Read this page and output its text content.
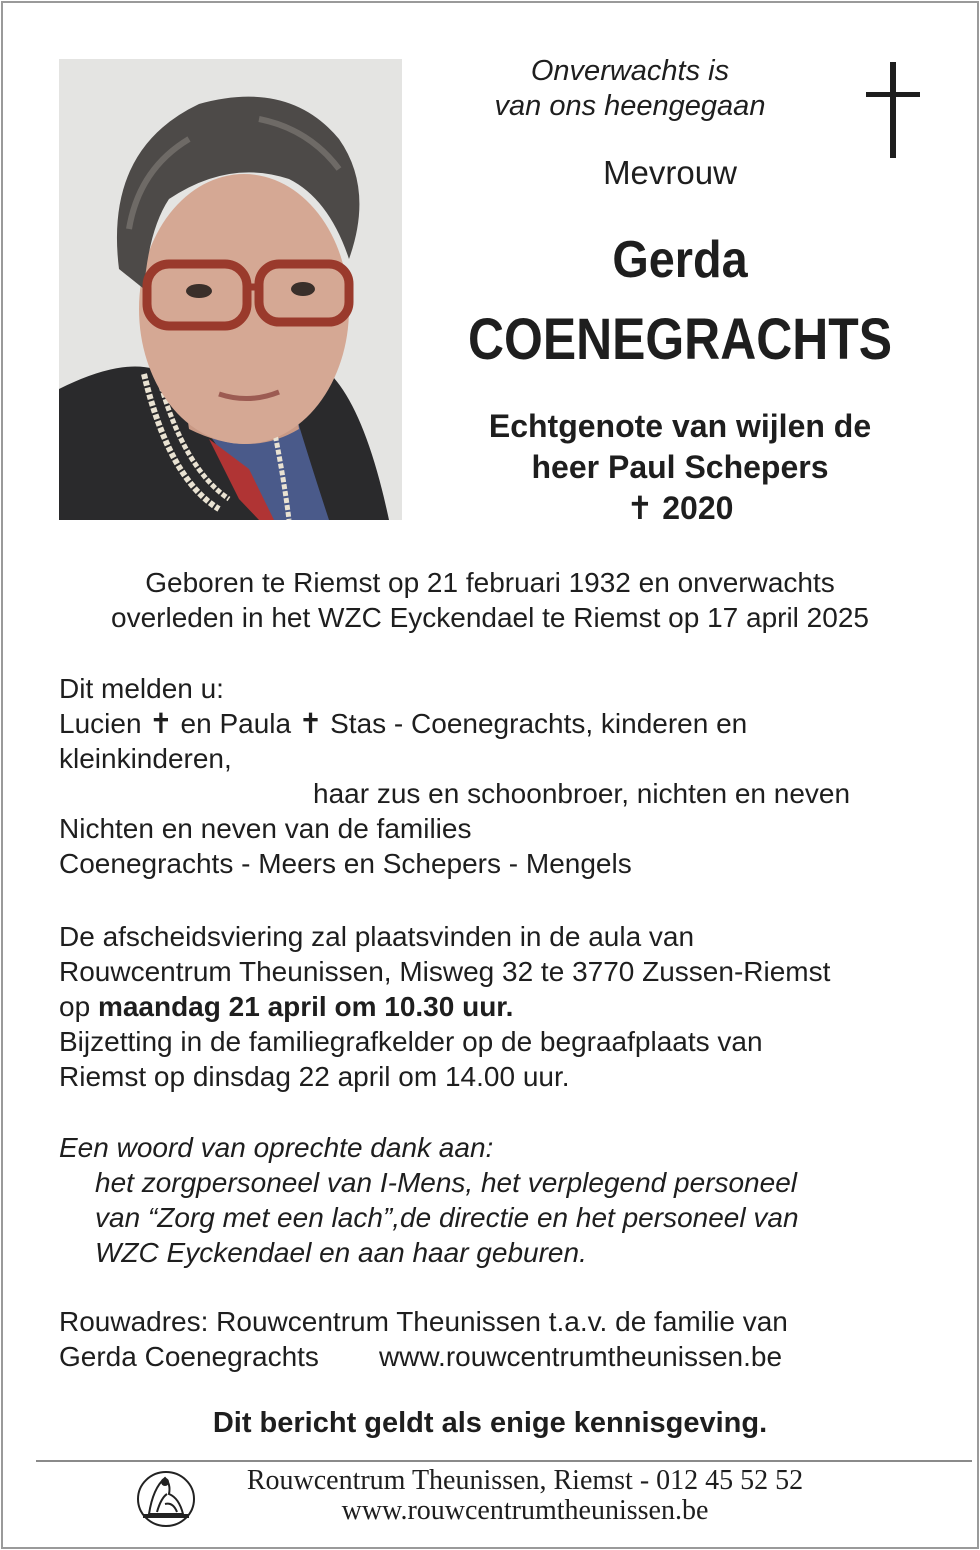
Onverwachts is
van ons heengegaan
Mevrouw
Gerda
COENEGRACHTS
Echtgenote van wijlen de
heer Paul Schepers
✝ 2020
Geboren te Riemst op 21 februari 1932 en onverwachts
overleden in het WZC Eyckendael te Riemst op 17 april 2025
Dit melden u:
Lucien ✝ en Paula ✝ Stas - Coenegrachts, kinderen en
kleinkinderen,
haar zus en schoonbroer, nichten en neven
Nichten en neven van de families
Coenegrachts - Meers en Schepers - Mengels
De afscheidsviering zal plaatsvinden in de aula van
Rouwcentrum Theunissen, Misweg 32 te 3770 Zussen-Riemst
op maandag 21 april om 10.30 uur.
Bijzetting in de familiegrafkelder op de begraafplaats van
Riemst op dinsdag 22 april om 14.00 uur.
Een woord van oprechte dank aan:
het zorgpersoneel van I-Mens, het verplegend personeel
van “Zorg met een lach”,de directie en het personeel van
WZC Eyckendael en aan haar geburen.
Rouwadres: Rouwcentrum Theunissen t.a.v. de familie van
Gerda Coenegrachts www.rouwcentrumtheunissen.be
Dit bericht geldt als enige kennisgeving.
Rouwcentrum Theunissen, Riemst - 012 45 52 52
www.rouwcentrumtheunissen.be
